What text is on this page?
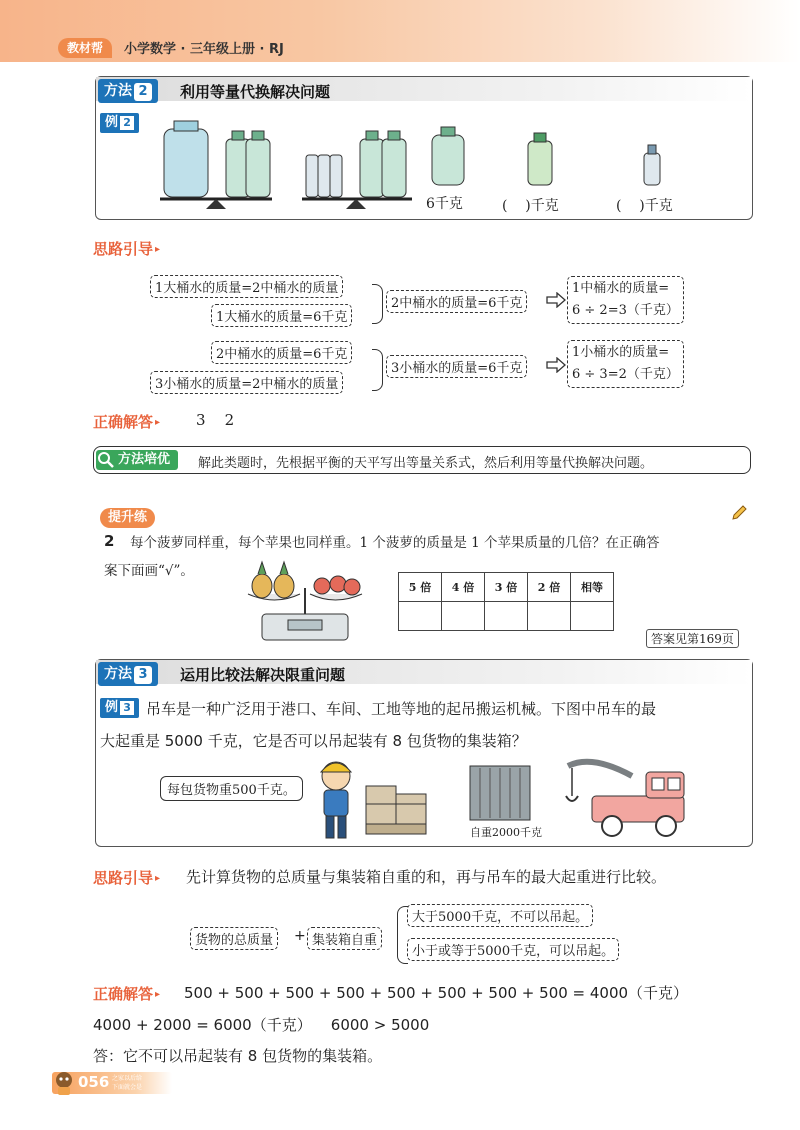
教材帮	小学数学 · 三年级上册 · RJ
方法 2	利用等量代换解决问题
例 2
6千克	(    )千克	(    )千克
思路引导 ▸
1大桶水的质量=2中桶水的质量
1大桶水的质量=6千克
2中桶水的质量=6千克
1中桶水的质量=
6 ÷ 2=3（千克）
2中桶水的质量=6千克
3小桶水的质量=2中桶水的质量
3小桶水的质量=6千克
1小桶水的质量=
6 ÷ 3=2（千克）
正确解答 ▸ 3    2
方法培优	解此类题时，先根据平衡的天平写出等量关系式，然后利用等量代换解决问题。
提升练
2 每个菠萝同样重，每个苹果也同样重。1 个菠萝的质量是 1 个苹果质量的几倍？在正确答
案下面画“√”。
5 倍	4 倍	3 倍	2 倍	相等

答案见第169页
方法 3	运用比较法解决限重问题
例 3	吊车是一种广泛用于港口、车间、工地等地的起吊搬运机械。下图中吊车的最
大起重是 5000 千克，它是否可以吊起装有 8 包货物的集装箱？
每包货物重500千克。
自重2000千克
思路引导 ▸ 先计算货物的总质量与集装箱自重的和，再与吊车的最大起重进行比较。
货物的总质量	+ 集装箱自重
大于5000千克，不可以吊起。
小于或等于5000千克，可以吊起。
正确解答 ▸ 500 + 500 + 500 + 500 + 500 + 500 + 500 + 500 = 4000（千克）
4000 + 2000 = 6000（千克）    6000 > 5000
答：它不可以吊起装有 8 包货物的集装箱。
056 之家以后给
下面就会是
